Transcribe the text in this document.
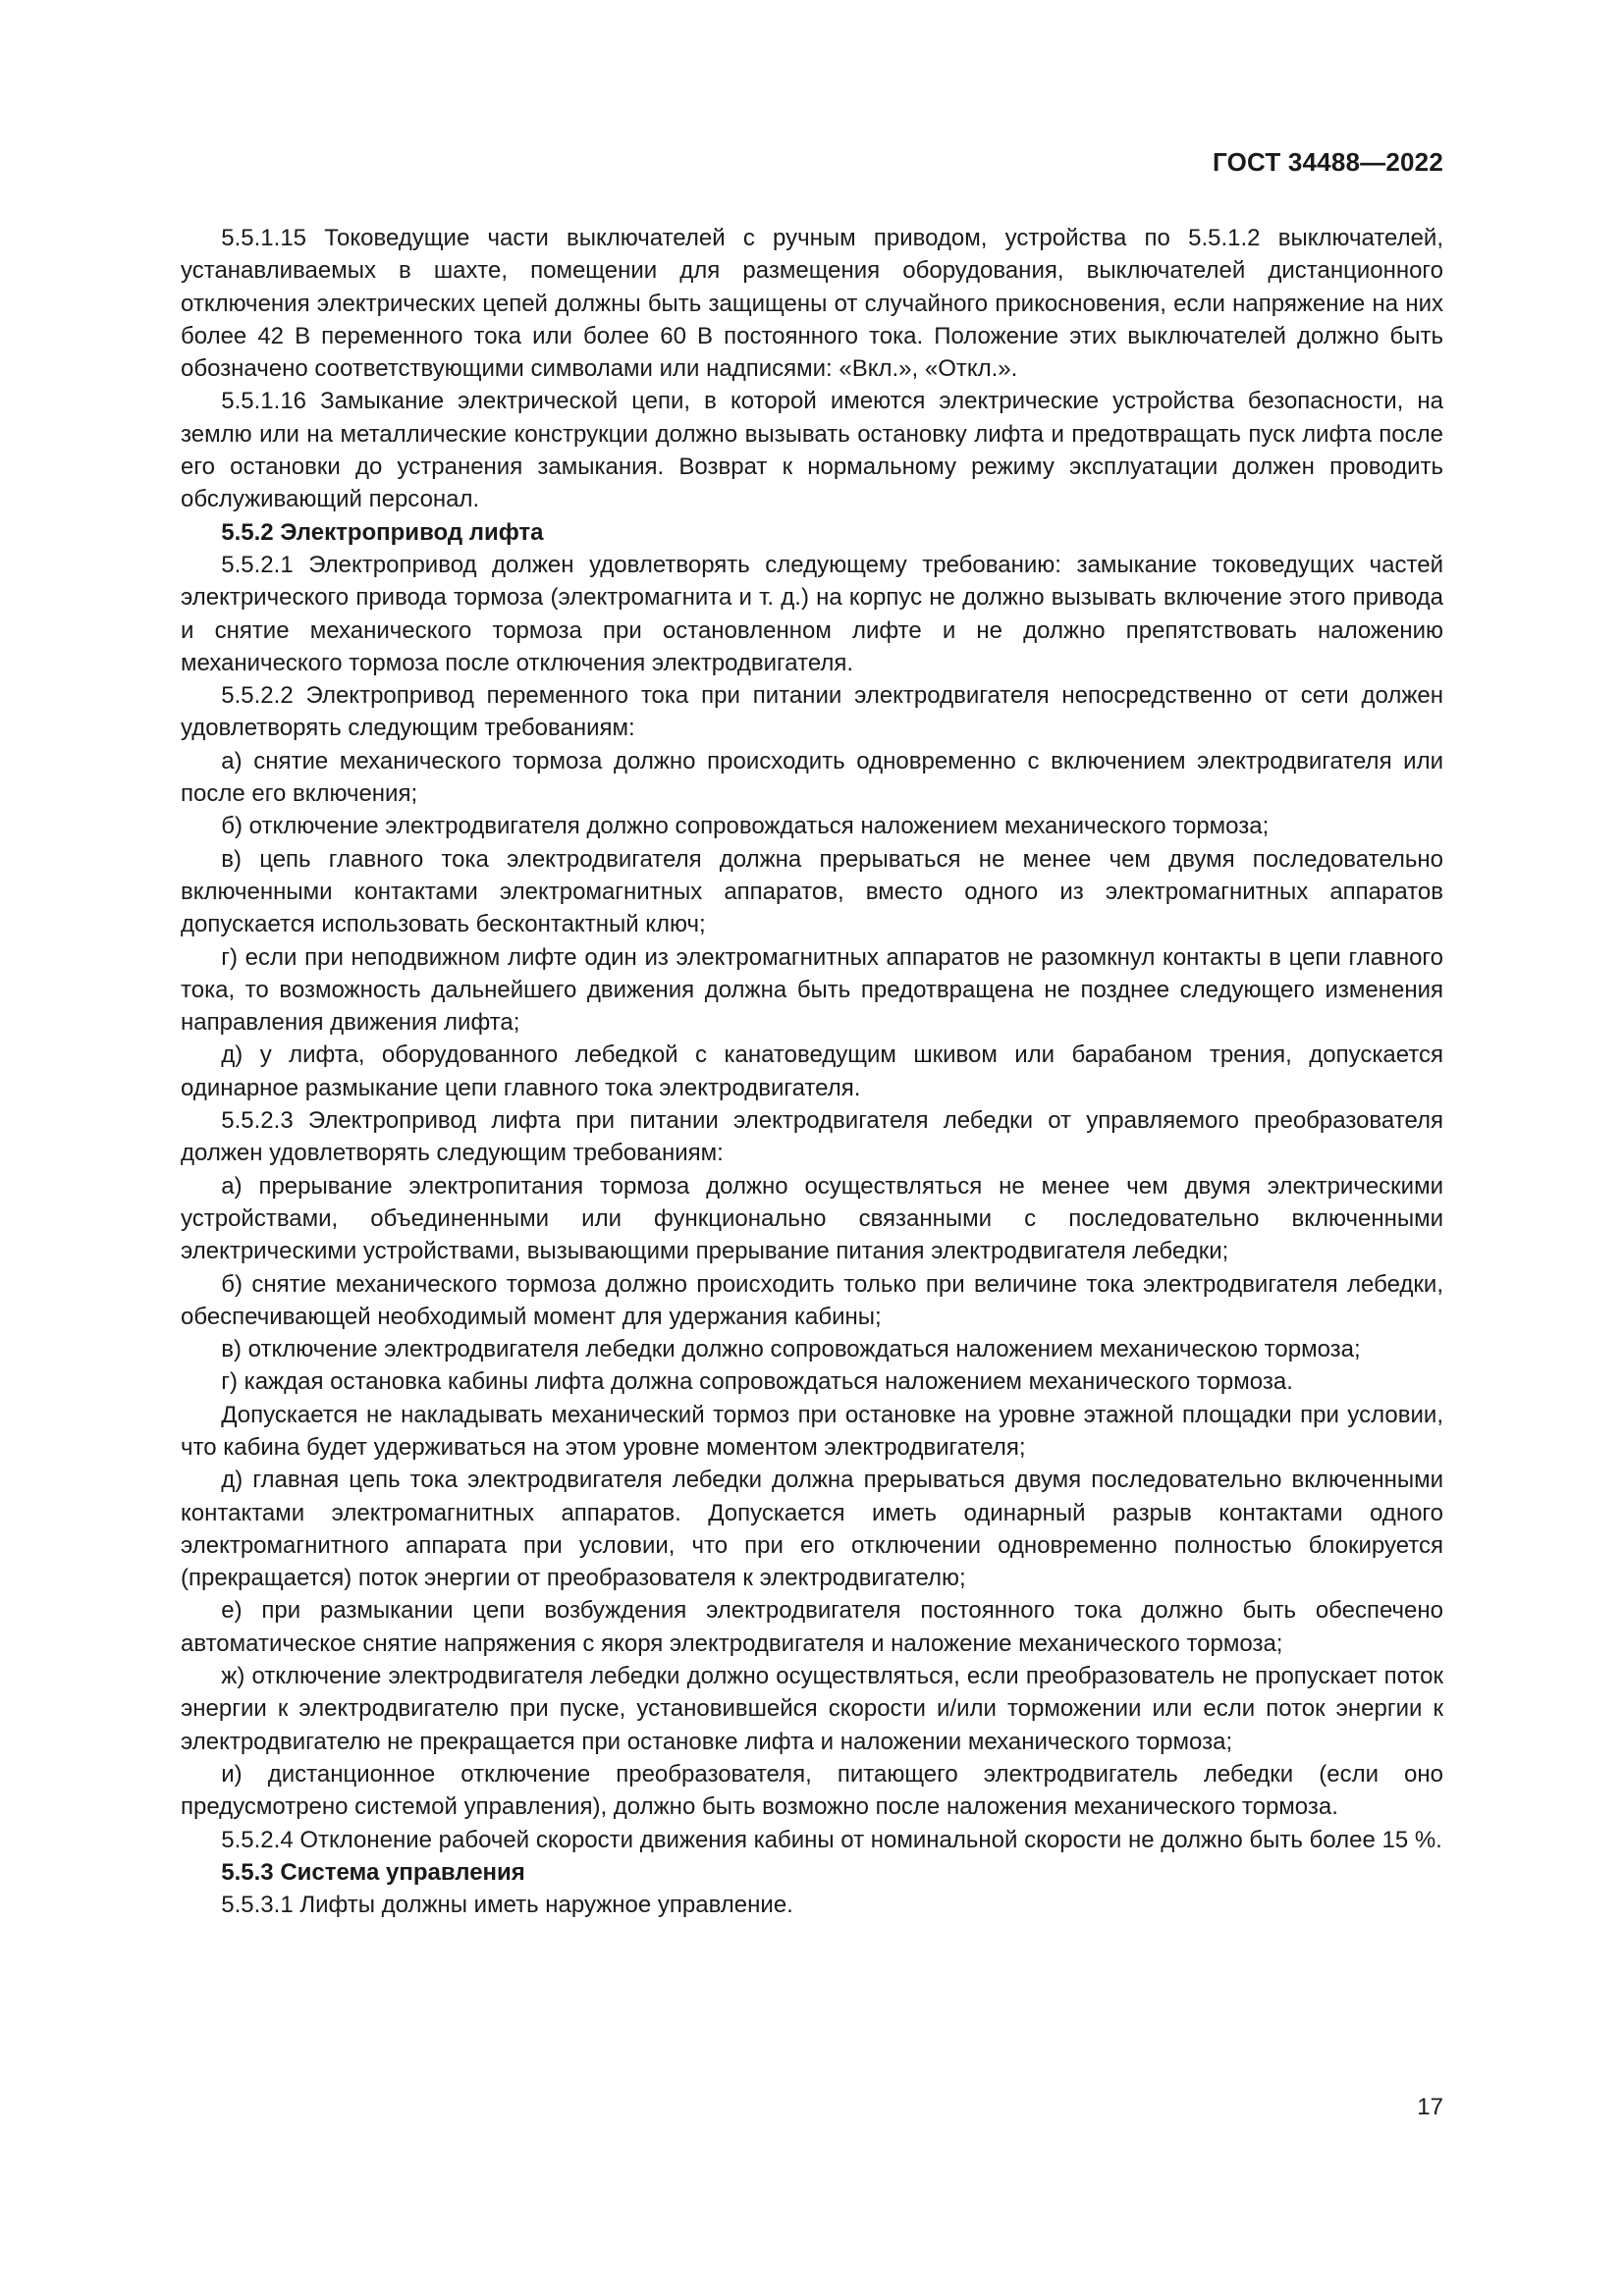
ГОСТ 34488—2022

5.5.1.15 Токоведущие части выключателей с ручным приводом, устройства по 5.5.1.2 выключателей, устанавливаемых в шахте, помещении для размещения оборудования, выключателей дистанционного отключения электрических цепей должны быть защищены от случайного прикосновения, если напряжение на них более 42 В переменного тока или более 60 В постоянного тока. Положение этих выключателей должно быть обозначено соответствующими символами или надписями: «Вкл.», «Откл.».

5.5.1.16 Замыкание электрической цепи, в которой имеются электрические устройства безопасности, на землю или на металлические конструкции должно вызывать остановку лифта и предотвращать пуск лифта после его остановки до устранения замыкания. Возврат к нормальному режиму эксплуатации должен проводить обслуживающий персонал.

5.5.2 Электропривод лифта

5.5.2.1 Электропривод должен удовлетворять следующему требованию: замыкание токоведущих частей электрического привода тормоза (электромагнита и т. д.) на корпус не должно вызывать включение этого привода и снятие механического тормоза при остановленном лифте и не должно препятствовать наложению механического тормоза после отключения электродвигателя.

5.5.2.2 Электропривод переменного тока при питании электродвигателя непосредственно от сети должен удовлетворять следующим требованиям:

а) снятие механического тормоза должно происходить одновременно с включением электродвигателя или после его включения;

б) отключение электродвигателя должно сопровождаться наложением механического тормоза;

в) цепь главного тока электродвигателя должна прерываться не менее чем двумя последовательно включенными контактами электромагнитных аппаратов, вместо одного из электромагнитных аппаратов допускается использовать бесконтактный ключ;

г) если при неподвижном лифте один из электромагнитных аппаратов не разомкнул контакты в цепи главного тока, то возможность дальнейшего движения должна быть предотвращена не позднее следующего изменения направления движения лифта;

д) у лифта, оборудованного лебедкой с канатоведущим шкивом или барабаном трения, допускается одинарное размыкание цепи главного тока электродвигателя.

5.5.2.3 Электропривод лифта при питании электродвигателя лебедки от управляемого преобразователя должен удовлетворять следующим требованиям:

а) прерывание электропитания тормоза должно осуществляться не менее чем двумя электрическими устройствами, объединенными или функционально связанными с последовательно включенными электрическими устройствами, вызывающими прерывание питания электродвигателя лебедки;

б) снятие механического тормоза должно происходить только при величине тока электродвигателя лебедки, обеспечивающей необходимый момент для удержания кабины;

в) отключение электродвигателя лебедки должно сопровождаться наложением механическою тормоза;

г) каждая остановка кабины лифта должна сопровождаться наложением механического тормоза.

Допускается не накладывать механический тормоз при остановке на уровне этажной площадки при условии, что кабина будет удерживаться на этом уровне моментом электродвигателя;

д) главная цепь тока электродвигателя лебедки должна прерываться двумя последовательно включенными контактами электромагнитных аппаратов. Допускается иметь одинарный разрыв контактами одного электромагнитного аппарата при условии, что при его отключении одновременно полностью блокируется (прекращается) поток энергии от преобразователя к электродвигателю;

е) при размыкании цепи возбуждения электродвигателя постоянного тока должно быть обеспечено автоматическое снятие напряжения с якоря электродвигателя и наложение механического тормоза;

ж) отключение электродвигателя лебедки должно осуществляться, если преобразователь не пропускает поток энергии к электродвигателю при пуске, установившейся скорости и/или торможении или если поток энергии к электродвигателю не прекращается при остановке лифта и наложении механического тормоза;

и) дистанционное отключение преобразователя, питающего электродвигатель лебедки (если оно предусмотрено системой управления), должно быть возможно после наложения механического тормоза.

5.5.2.4 Отклонение рабочей скорости движения кабины от номинальной скорости не должно быть более 15 %.

5.5.3 Система управления

5.5.3.1 Лифты должны иметь наружное управление.

17
